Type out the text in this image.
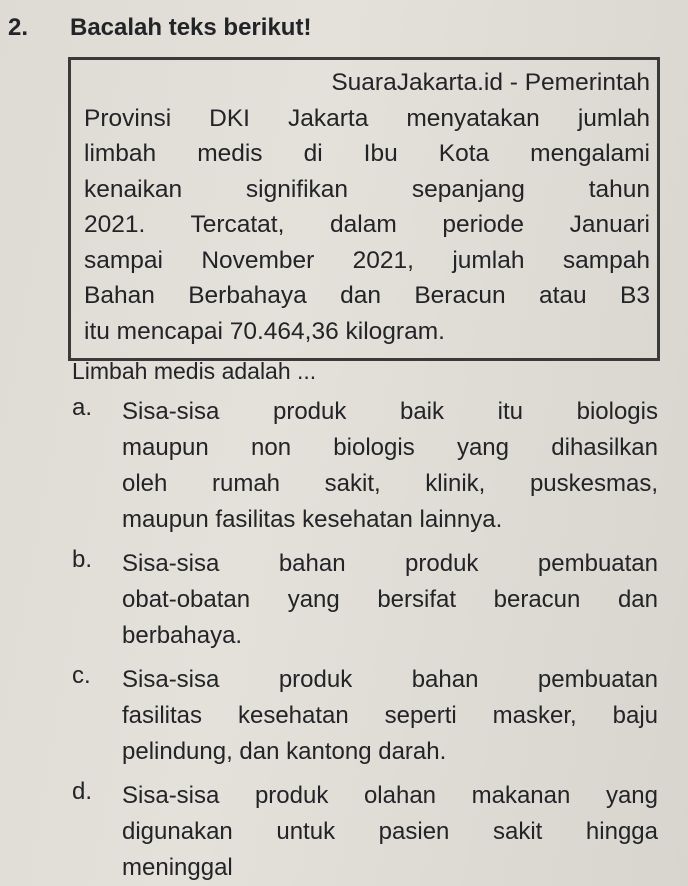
2. Bacalah teks berikut!
SuaraJakarta.id - Pemerintah
Provinsi DKI Jakarta menyatakan jumlah
limbah medis di Ibu Kota mengalami
kenaikan signifikan sepanjang tahun
2021. Tercatat, dalam periode Januari
sampai November 2021, jumlah sampah
Bahan Berbahaya dan Beracun atau B3
itu mencapai 70.464,36 kilogram.
Limbah medis adalah ...
a. Sisa-sisa produk baik itu biologis
maupun non biologis yang dihasilkan
oleh rumah sakit, klinik, puskesmas,
maupun fasilitas kesehatan lainnya.
b. Sisa-sisa bahan produk pembuatan
obat-obatan yang bersifat beracun dan
berbahaya.
c. Sisa-sisa produk bahan pembuatan
fasilitas kesehatan seperti masker, baju
pelindung, dan kantong darah.
d. Sisa-sisa produk olahan makanan yang
digunakan untuk pasien sakit hingga
meninggal
